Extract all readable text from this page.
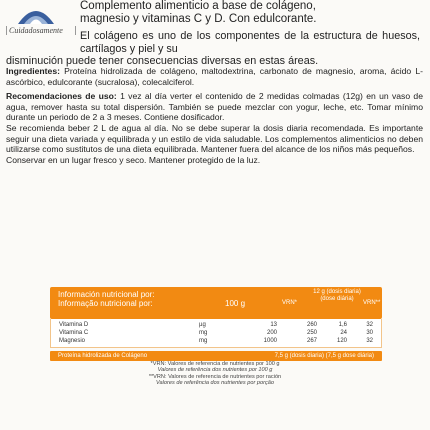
Cuidadosamente
Complemento alimenticio a base de colágeno,
magnesio y vitaminas C y D. Con edulcorante.
El colágeno es uno de los componentes de la estructura de huesos, cartílagos y piel y su
disminución puede tener consecuencias diversas en estas áreas.

Ingredientes: Proteína hidrolizada de colágeno, maltodextrina, carbonato de magnesio, aroma, ácido L-ascórbico, edulcorante (sucralosa), colecalciferol.

Recomendaciones de uso: 1 vez al día verter el contenido de 2 medidas colmadas (12g) en un vaso de agua, remover hasta su total dispersión. También se puede mezclar con yogur, leche, etc. Tomar mínimo durante un periodo de 2 a 3 meses. Contiene dosificador.

Se recomienda beber 2 L de agua al día. No se debe superar la dosis diaria recomendada. Es importante seguir una dieta variada y equilibrada y un estilo de vida saludable. Los complementos alimenticios no deben utilizarse como sustitutos de una dieta equilibrada. Mantener fuera del alcance de los niños más pequeños.

Conservar en un lugar fresco y seco. Mantener protegido de la luz.

Información nutricional por:
Informação nutricional por:	100 g	VRN*
12 g (dosis diaria) (dose diária)
VRN**
Vitamina D	µg	13	260	1,6	32
Vitamina C	mg	200	250	24	30
Magnesio	mg	1000	267	120	32
Proteína hidrolizada de Colágeno	7,5 g (dosis diaria) (7,5 g dose diária)
*VRN: Valores de referencia de nutrientes por 100 g
Valores de referência dos nutrientes por 100 g
**VRN: Valores de referencia de nutrientes por ración
Valores de referência dos nutrientes por porção
